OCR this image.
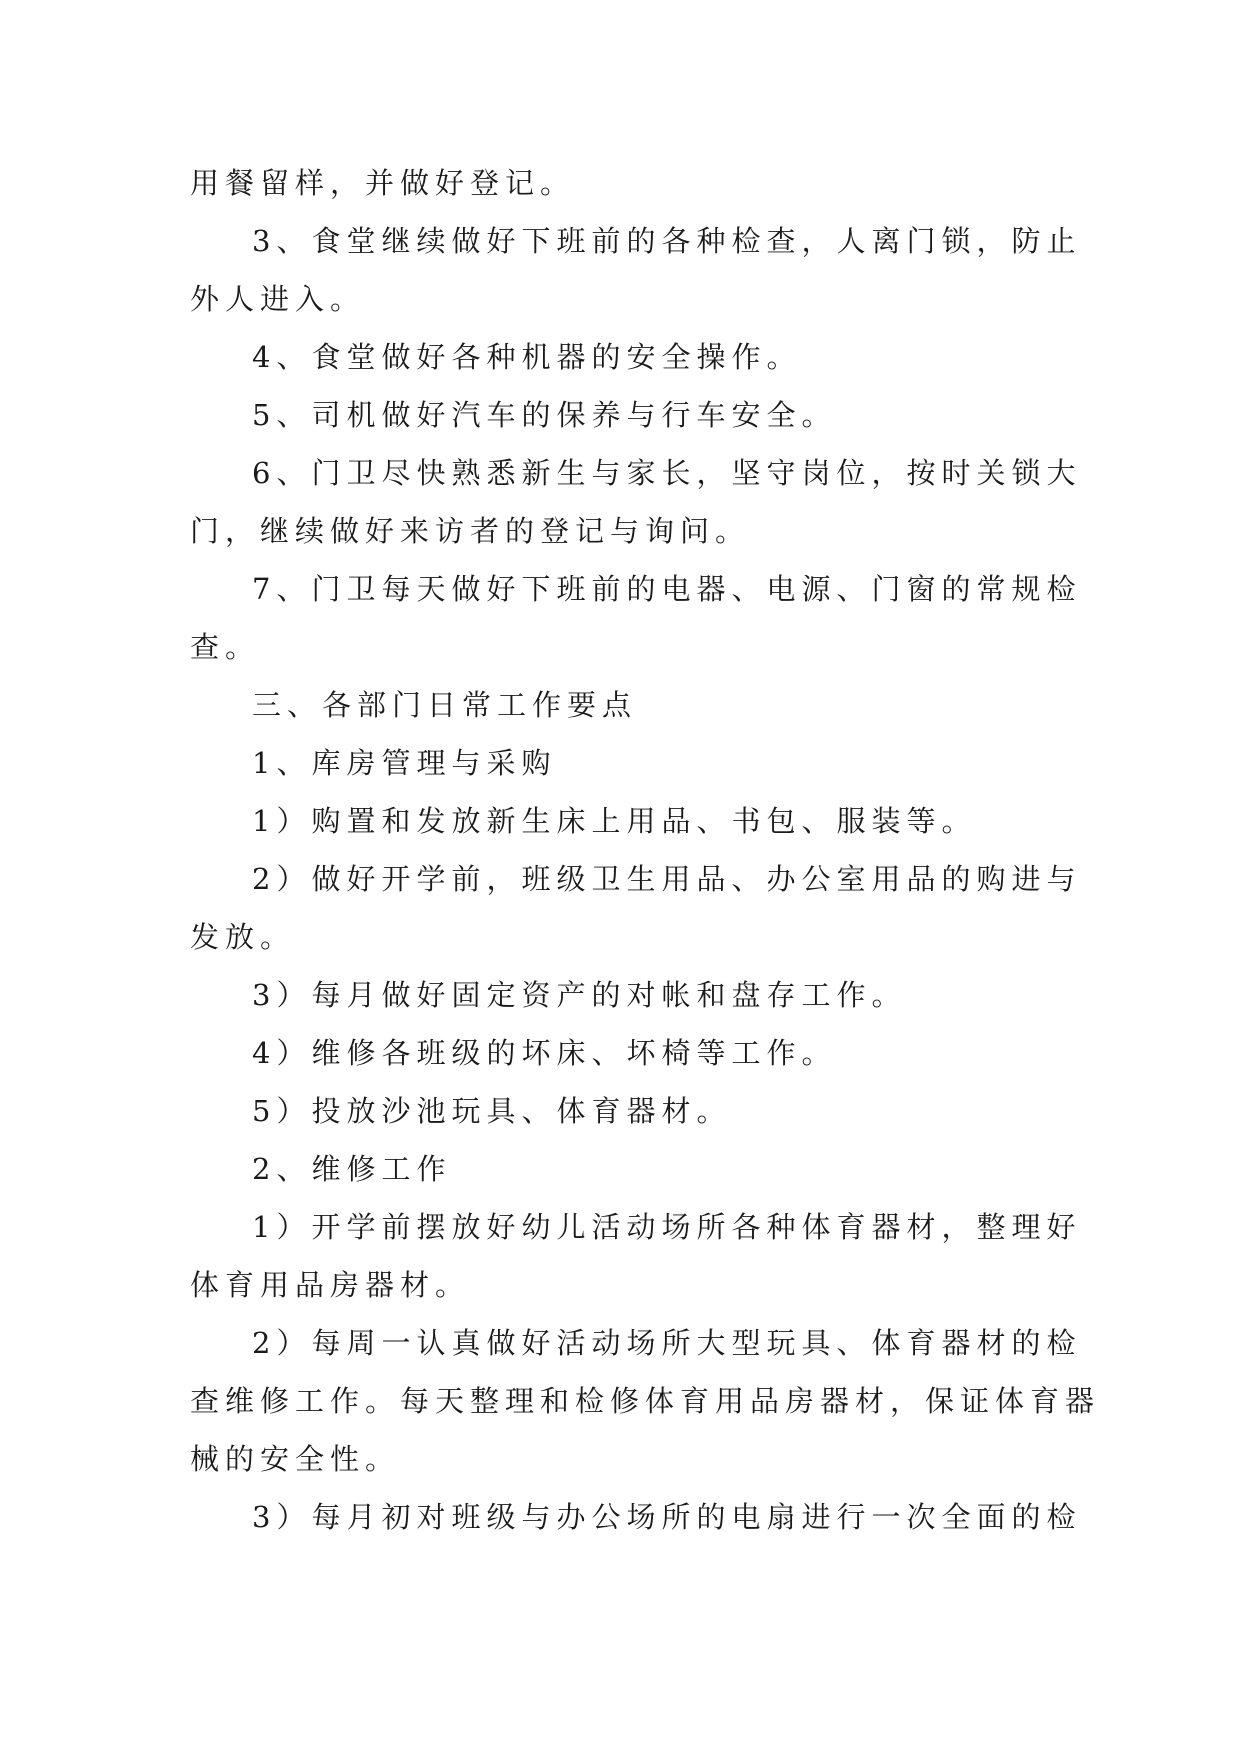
用餐留样，并做好登记。
3、食堂继续做好下班前的各种检查，人离门锁，防止
外人进入。
4、食堂做好各种机器的安全操作。
5、司机做好汽车的保养与行车安全。
6、门卫尽快熟悉新生与家长，坚守岗位，按时关锁大
门，继续做好来访者的登记与询问。
7、门卫每天做好下班前的电器、电源、门窗的常规检
查。
三、各部门日常工作要点
1、库房管理与采购
1）购置和发放新生床上用品、书包、服装等。
2）做好开学前，班级卫生用品、办公室用品的购进与
发放。
3）每月做好固定资产的对帐和盘存工作。
4）维修各班级的坏床、坏椅等工作。
5）投放沙池玩具、体育器材。
2、维修工作
1）开学前摆放好幼儿活动场所各种体育器材，整理好
体育用品房器材。
2）每周一认真做好活动场所大型玩具、体育器材的检
查维修工作。每天整理和检修体育用品房器材，保证体育器
械的安全性。
3）每月初对班级与办公场所的电扇进行一次全面的检
